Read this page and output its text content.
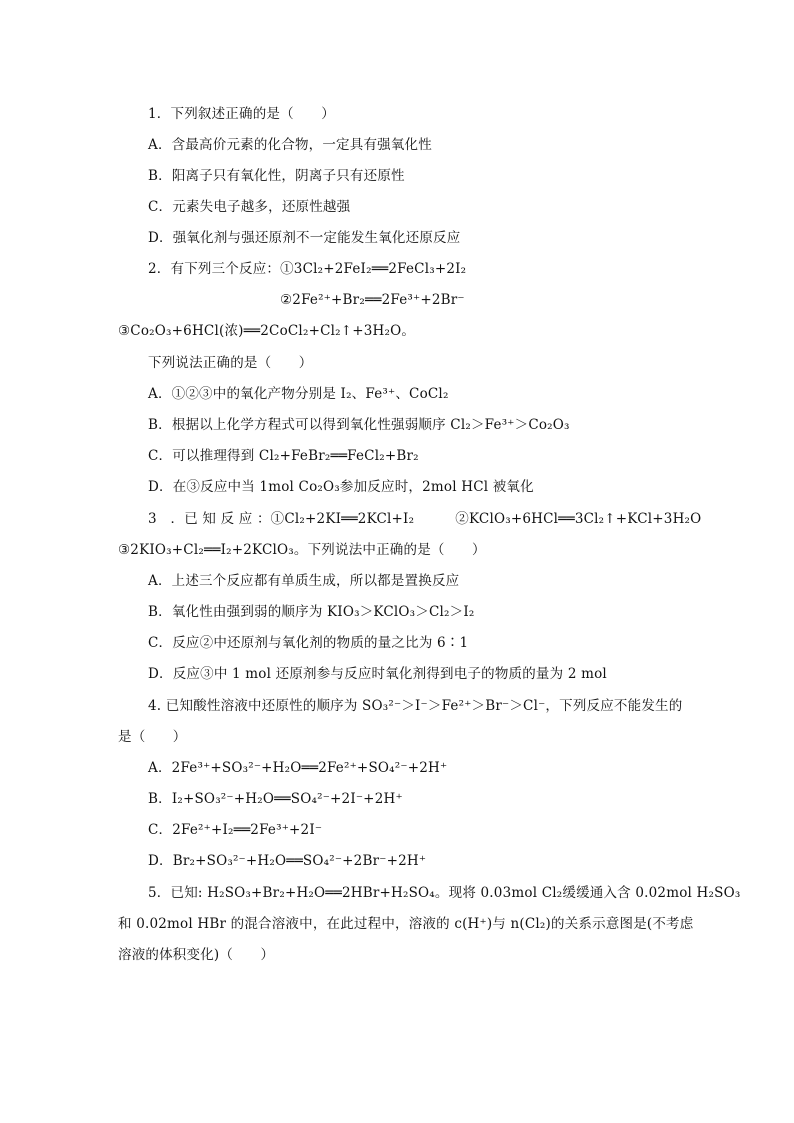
1．下列叙述正确的是（　　）
A．含最高价元素的化合物，一定具有强氧化性
B．阳离子只有氧化性，阴离子只有还原性
C．元素失电子越多，还原性越强
D．强氧化剂与强还原剂不一定能发生氧化还原反应
2．有下列三个反应：①3Cl₂+2FeI₂══2FeCl₃+2I₂
②2Fe²⁺+Br₂══2Fe³⁺+2Br⁻
③Co₂O₃+6HCl(浓)══2CoCl₂+Cl₂↑+3H₂O。
下列说法正确的是（　　）
A．①②③中的氧化产物分别是 I₂、Fe³⁺、CoCl₂
B．根据以上化学方程式可以得到氧化性强弱顺序 Cl₂＞Fe³⁺＞Co₂O₃
C．可以推理得到 Cl₂+FeBr₂══FeCl₂+Br₂
D．在③反应中当 1mol Co₂O₃参加反应时，2mol HCl 被氧化
3　．已 知 反 应 ：①Cl₂+2KI══2KCl+I₂　　　②KClO₃+6HCl══3Cl₂↑+KCl+3H₂O
③2KIO₃+Cl₂══I₂+2KClO₃。下列说法中正确的是（　　）
A．上述三个反应都有单质生成，所以都是置换反应
B．氧化性由强到弱的顺序为 KIO₃＞KClO₃＞Cl₂＞I₂
C．反应②中还原剂与氧化剂的物质的量之比为 6∶1
D．反应③中 1 mol 还原剂参与反应时氧化剂得到电子的物质的量为 2 mol
4. 已知酸性溶液中还原性的顺序为 SO₃²⁻＞I⁻＞Fe²⁺＞Br⁻＞Cl⁻，下列反应不能发生的
是（　　）
A．2Fe³⁺+SO₃²⁻+H₂O══2Fe²⁺+SO₄²⁻+2H⁺
B．I₂+SO₃²⁻+H₂O══SO₄²⁻+2I⁻+2H⁺
C．2Fe²⁺+I₂══2Fe³⁺+2I⁻
D．Br₂+SO₃²⁻+H₂O══SO₄²⁻+2Br⁻+2H⁺
5．已知: H₂SO₃+Br₂+H₂O══2HBr+H₂SO₄。现将 0.03mol Cl₂缓缓通入含 0.02mol H₂SO₃
和 0.02mol HBr 的混合溶液中，在此过程中，溶液的 c(H⁺)与 n(Cl₂)的关系示意图是(不考虑
溶液的体积变化)（　　）
